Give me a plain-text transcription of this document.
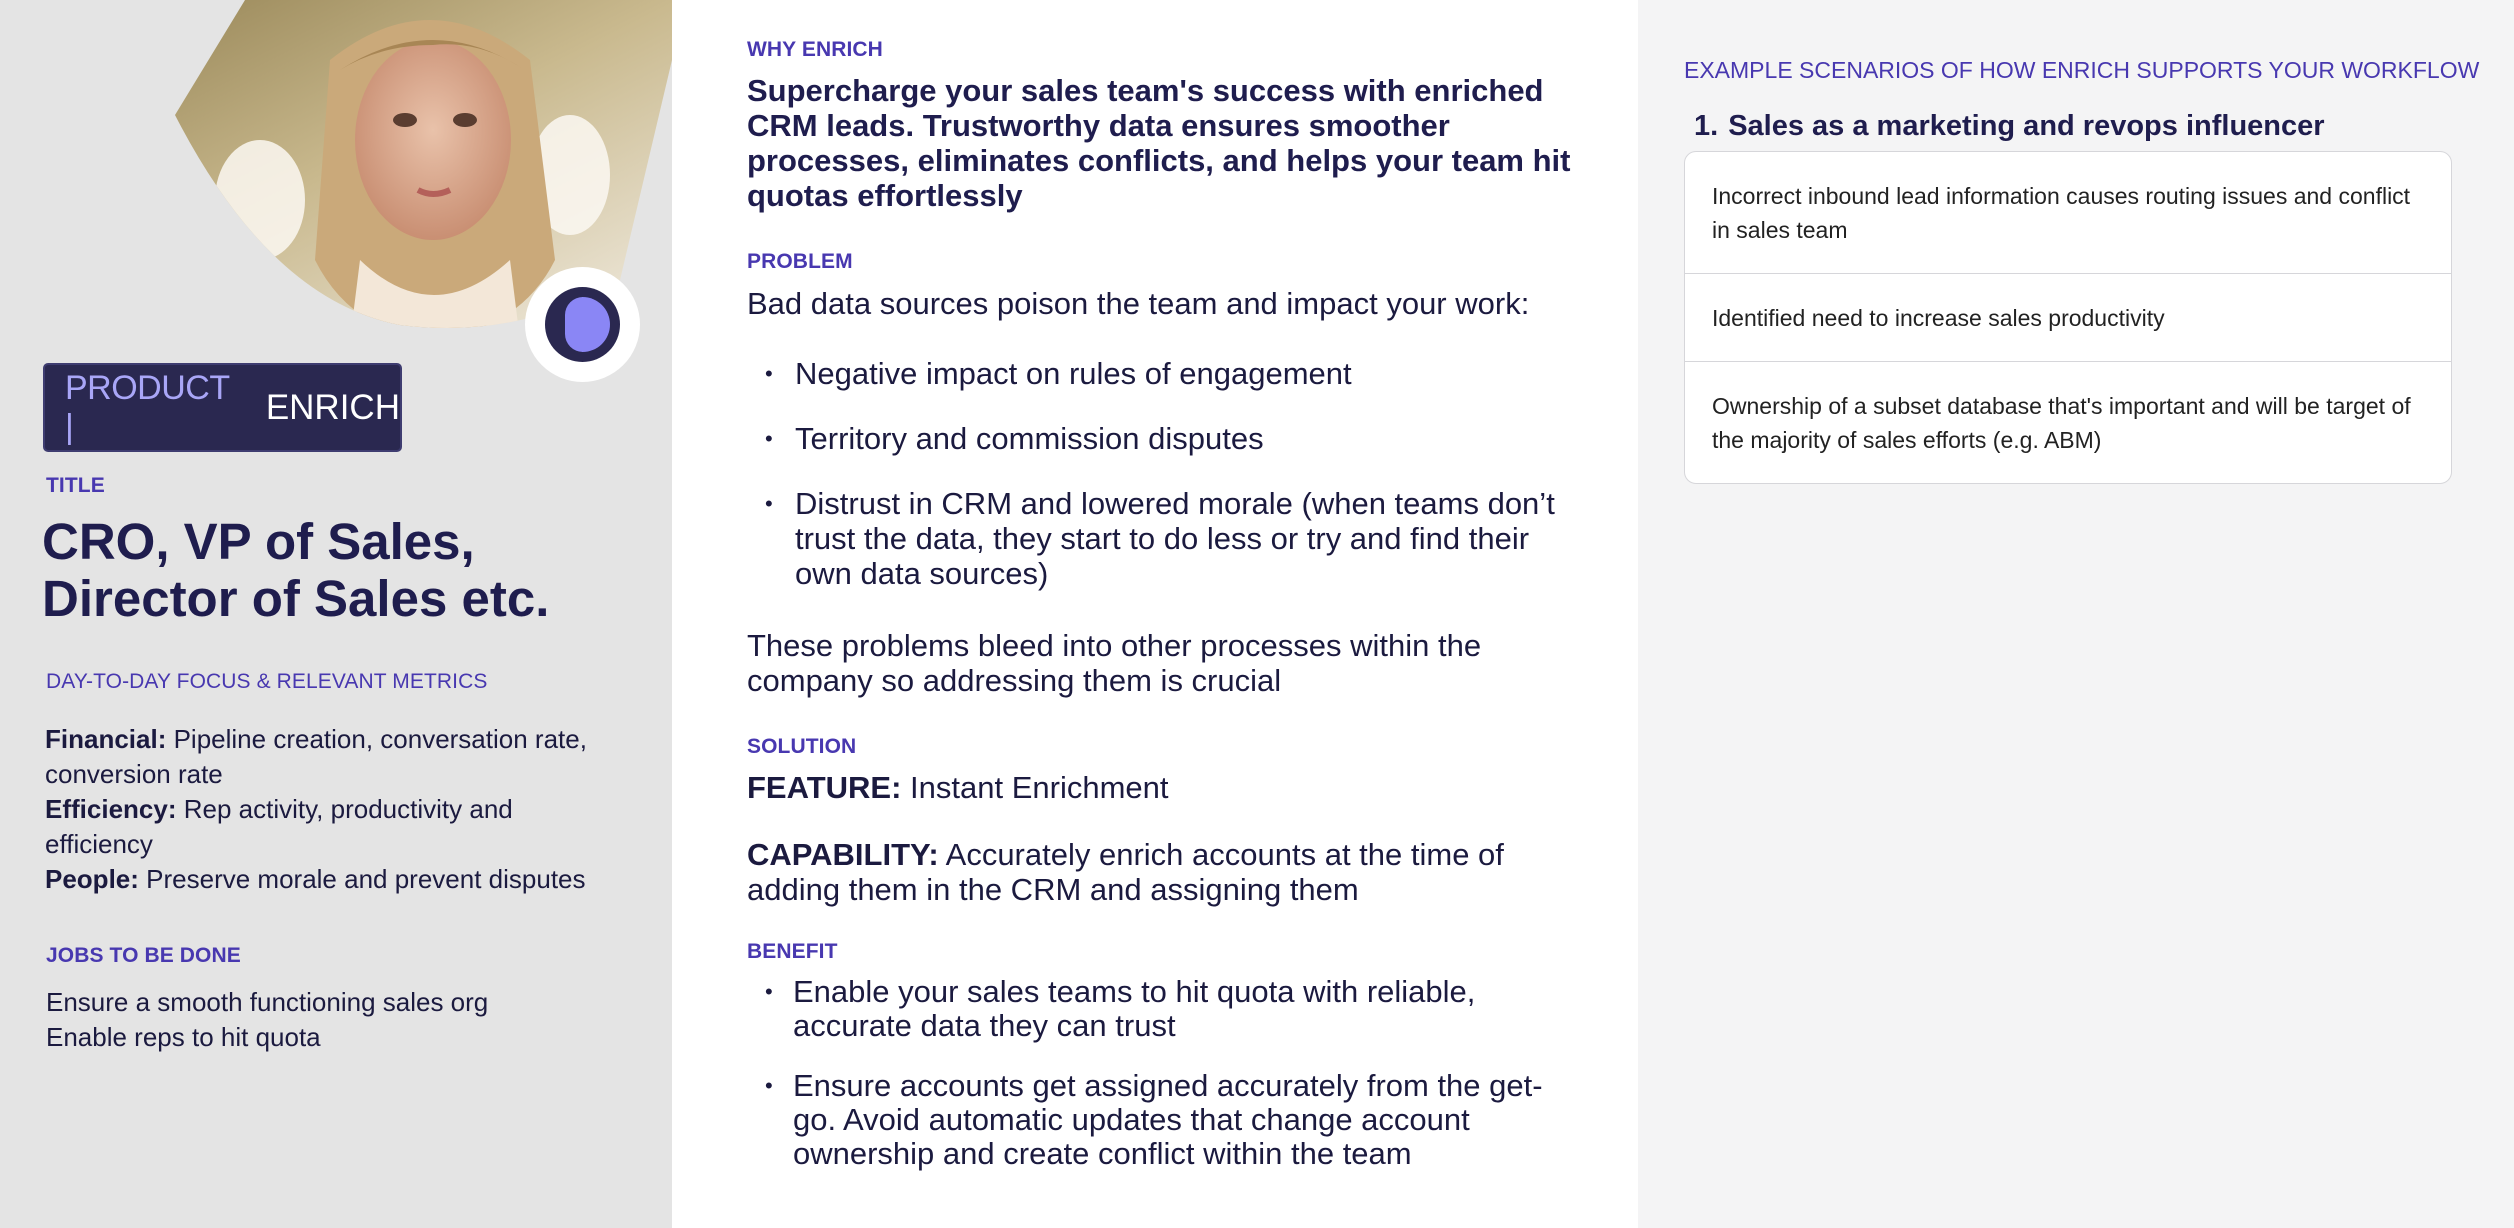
PRODUCT |	ENRICH
TITLE
CRO, VP of Sales, Director of Sales etc.
DAY-TO-DAY FOCUS & RELEVANT METRICS

Financial: Pipeline creation, conversation rate, conversion rate

Efficiency: Rep activity, productivity and efficiency

People: Preserve morale and prevent disputes

JOBS TO BE DONE
Ensure a smooth functioning sales org
Enable reps to hit quota
WHY ENRICH
Supercharge your sales team's success with enriched CRM leads. Trustworthy data ensures smoother processes, eliminates conflicts, and helps your team hit quotas effortlessly
PROBLEM
Bad data sources poison the team and impact your work:
• Negative impact on rules of engagement
• Territory and commission disputes
• Distrust in CRM and lowered morale (when teams don’t trust the data, they start to do less or try and find their own data sources)
These problems bleed into other processes within the company so addressing them is crucial
SOLUTION
FEATURE: Instant Enrichment
CAPABILITY: Accurately enrich accounts at the time of adding them in the CRM and assigning them
BENEFIT
• Enable your sales teams to hit quota with reliable, accurate data they can trust
• Ensure accounts get assigned accurately from the get-go. Avoid automatic updates that change account ownership and create conflict within the team
EXAMPLE SCENARIOS OF HOW ENRICH SUPPORTS YOUR WORKFLOW
1. Sales as a marketing and revops influencer
Incorrect inbound lead information causes routing issues and conflict in sales team
Identified need to increase sales productivity
Ownership of a subset database that's important and will be target of the majority of sales efforts (e.g. ABM)
